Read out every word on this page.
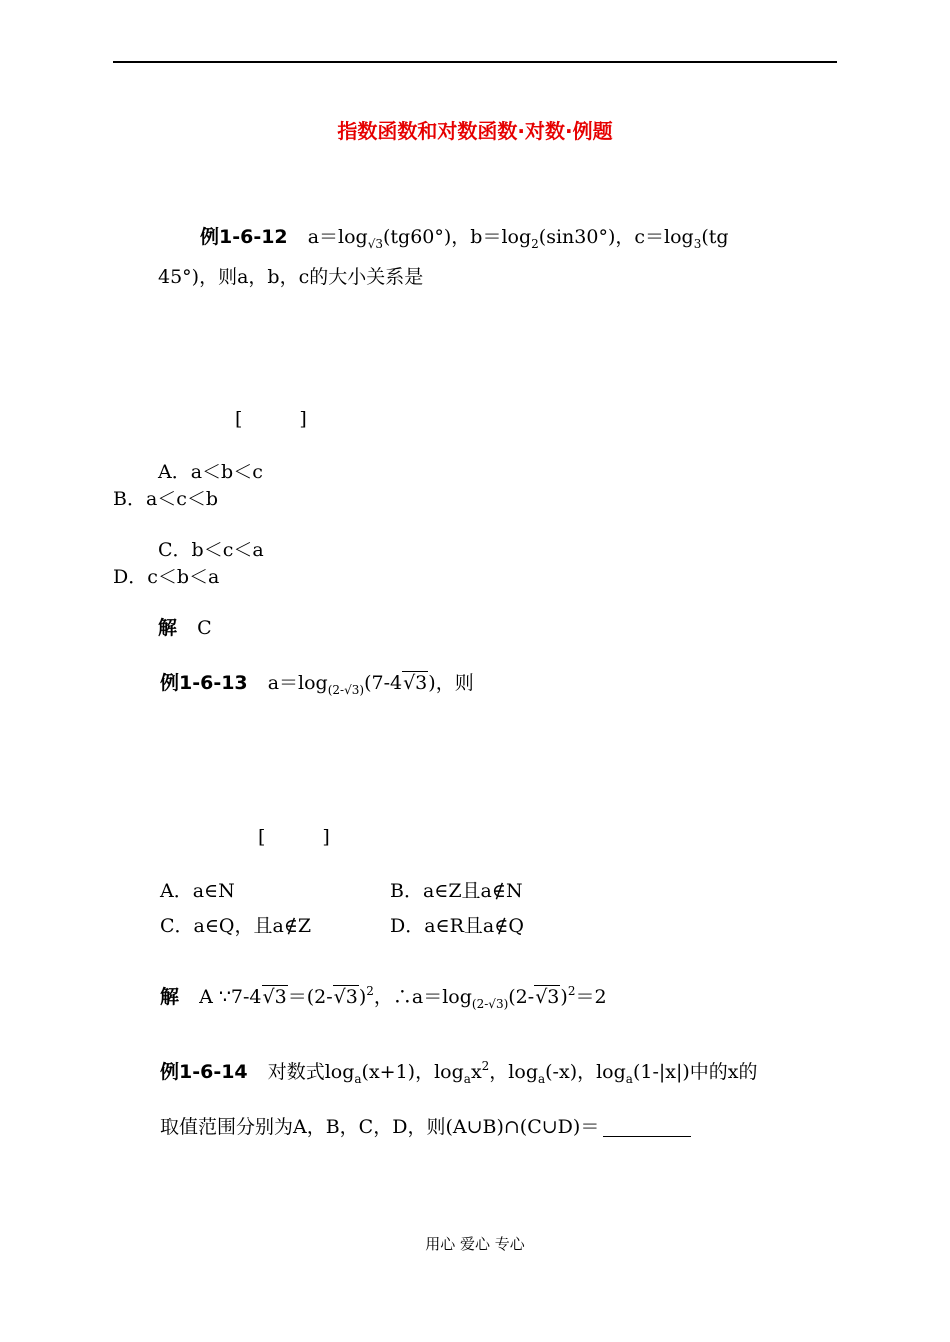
指数函数和对数函数·对数·例题
例1-6-12 $a=\log_{√3}(tg60^\circ)$，$b=\log_2(\sin 30^\circ)$，$c=\log_3(tg$
45°)，则a，b，c的大小关系是
[　　　]
A．a＜b＜c
B．a＜c＜b
C．b＜c＜a
D．c＜b＜a
解 C
例1-6-13 $a=\log_{(2-√3)}(7-4√3)$，则
[　　　]
A．a∈N	B．a∈Z且a∉N
C．a∈Q，且a∉Z	D．a∈R且a∉Q
解 A $\because 7-4√3=(2-√3)^2$，$\therefore a=\log_{(2-√3)}(2-√3)^2=2$
例1-6-14 对数式$\log_a(x+1)$，$\log_ax^2$，$\log_a(-x)$，$\log_a(1-|x|)$中的x的
取值范围分别为A，B，C，D，则(A∪B)∩(C∪D)＝
用心 爱心 专心
